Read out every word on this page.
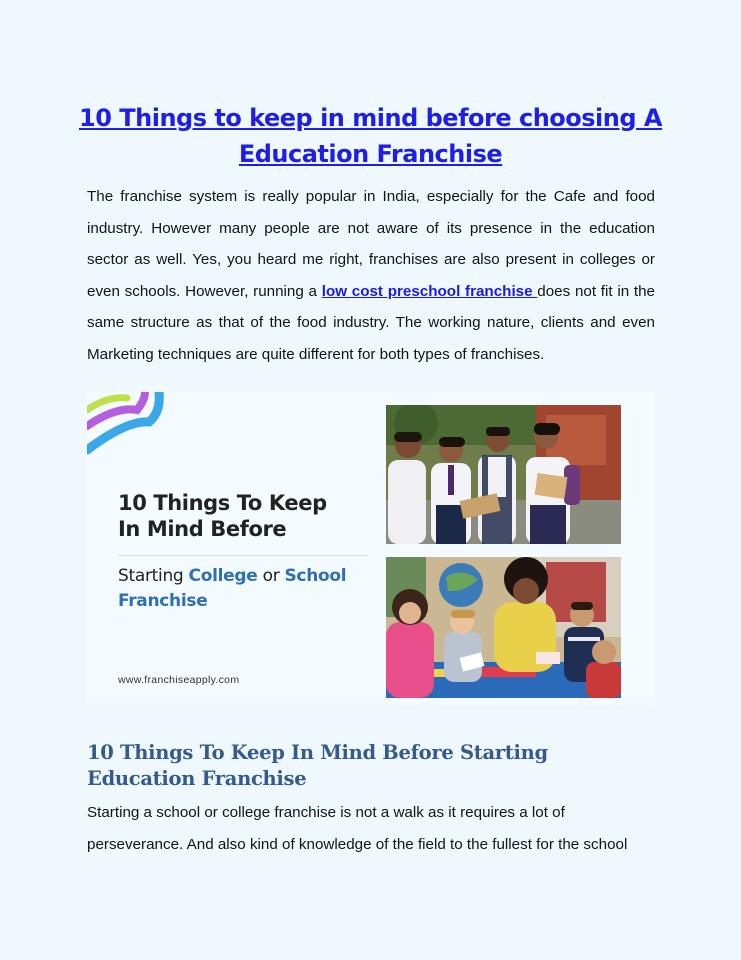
10 Things to keep in mind before choosing A
Education Franchise

The franchise system is really popular in India, especially for the Cafe and food industry. However many people are not aware of its presence in the education sector as well. Yes, you heard me right, franchises are also present in colleges or even schools. However, running a low cost preschool franchise does not fit in the same structure as that of the food industry. The working nature, clients and even Marketing techniques are quite different for both types of franchises.

10 Things To Keep
In Mind Before

Starting College or School
Franchise

www.franchiseapply.com

10 Things To Keep In Mind Before Starting Education Franchise

Starting a school or college franchise is not a walk as it requires a lot of perseverance. And also kind of knowledge of the field to the fullest for the school
